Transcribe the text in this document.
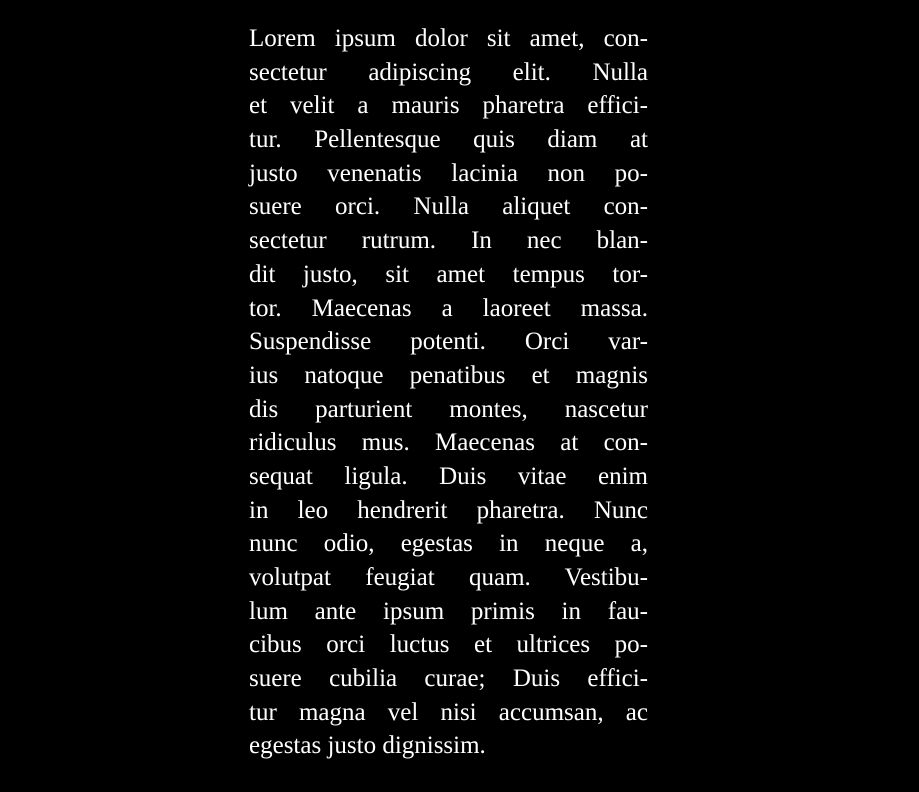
Lorem ipsum dolor sit amet, con-
sectetur adipiscing elit. Nulla
et velit a mauris pharetra effici-
tur. Pellentesque quis diam at
justo venenatis lacinia non po-
suere orci. Nulla aliquet con-
sectetur rutrum. In nec blan-
dit justo, sit amet tempus tor-
tor. Maecenas a laoreet massa.
Suspendisse potenti. Orci var-
ius natoque penatibus et magnis
dis parturient montes, nascetur
ridiculus mus. Maecenas at con-
sequat ligula. Duis vitae enim
in leo hendrerit pharetra. Nunc
nunc odio, egestas in neque a,
volutpat feugiat quam. Vestibu-
lum ante ipsum primis in fau-
cibus orci luctus et ultrices po-
suere cubilia curae; Duis effici-
tur magna vel nisi accumsan, ac
egestas justo dignissim.
